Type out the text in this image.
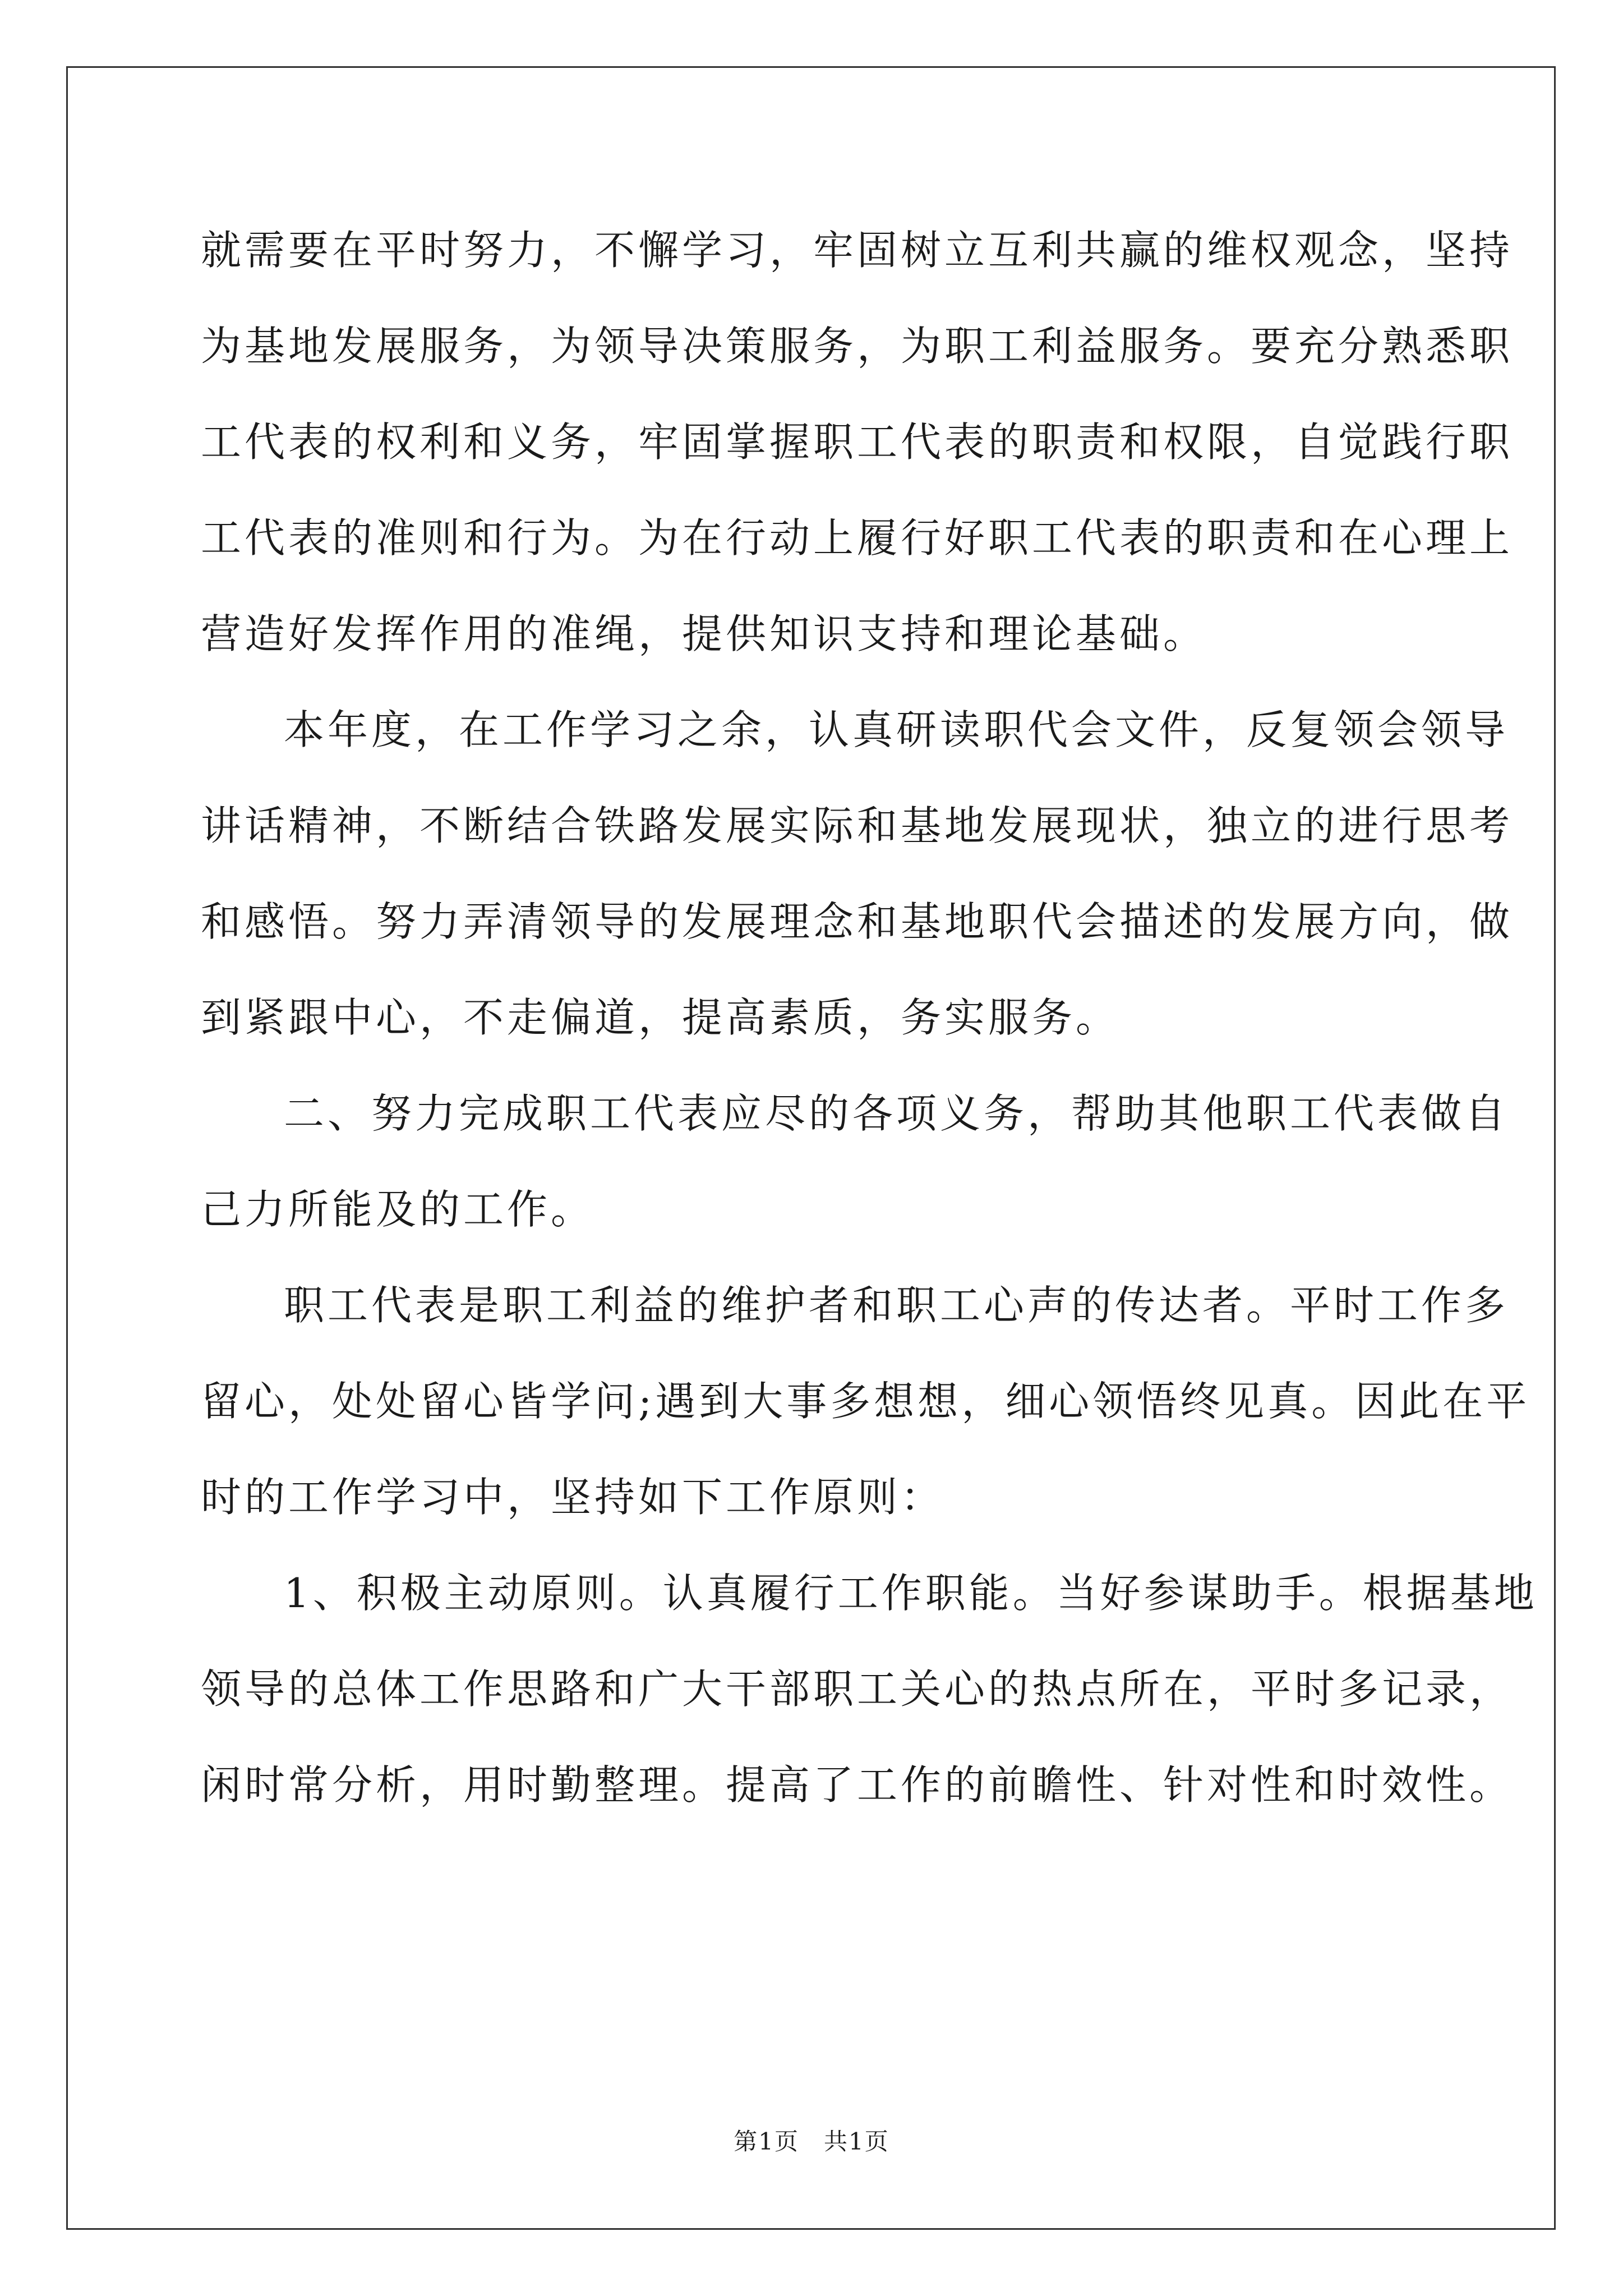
就需要在平时努力，不懈学习，牢固树立互利共赢的维权观念，坚持
为基地发展服务，为领导决策服务，为职工利益服务。要充分熟悉职
工代表的权利和义务，牢固掌握职工代表的职责和权限，自觉践行职
工代表的准则和行为。为在行动上履行好职工代表的职责和在心理上
营造好发挥作用的准绳，提供知识支持和理论基础。
本年度，在工作学习之余，认真研读职代会文件，反复领会领导
讲话精神，不断结合铁路发展实际和基地发展现状，独立的进行思考
和感悟。努力弄清领导的发展理念和基地职代会描述的发展方向，做
到紧跟中心，不走偏道，提高素质，务实服务。
二、努力完成职工代表应尽的各项义务，帮助其他职工代表做自
己力所能及的工作。
职工代表是职工利益的维护者和职工心声的传达者。平时工作多
留心，处处留心皆学问;遇到大事多想想，细心领悟终见真。因此在平
时的工作学习中，坚持如下工作原则：
1、积极主动原则。认真履行工作职能。当好参谋助手。根据基地
领导的总体工作思路和广大干部职工关心的热点所在，平时多记录，
闲时常分析，用时勤整理。提高了工作的前瞻性、针对性和时效性。
第1页　共1页
